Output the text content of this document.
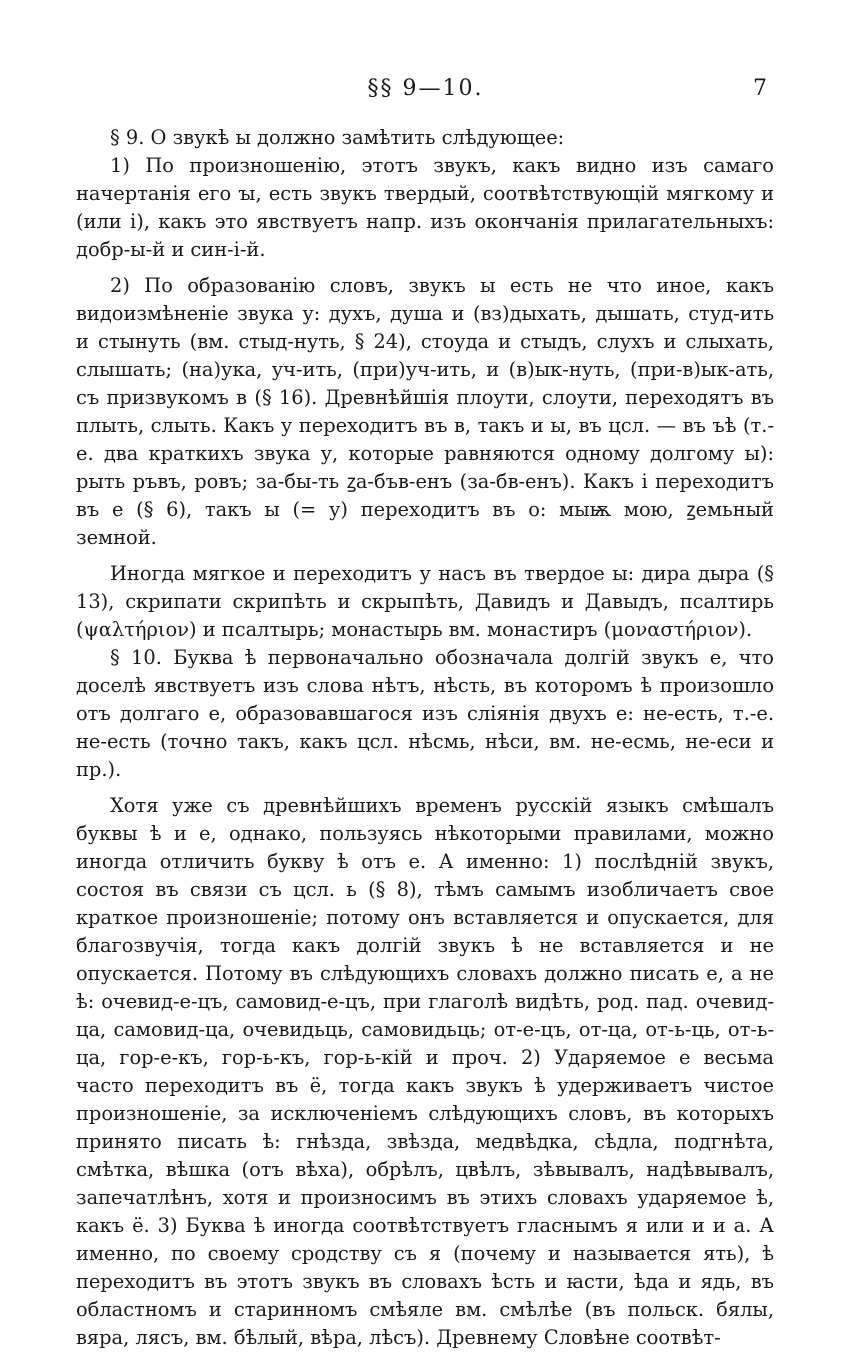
§§ 9—10.	7

§ 9. О звукѣ ы должно замѣтить слѣдующее:

1) По произношенію, этотъ звукъ, какъ видно изъ самаго начертанія его ꙑ, есть звукъ твердый, соотвѣтствующій мягкому и (или і), какъ это явствуетъ напр. изъ окончанія прилагательныхъ: добр-ы-й и син-і-й.

2) По образованію словъ, звукъ ы есть не что иное, какъ видоизмѣненіе звука у: духъ, душа и (вз)дыхать, дышать, студ-ить и стынуть (вм. стыд-нуть, § 24), стоуда и стыдъ, слухъ и слыхать, слышать; (на)ука, уч-ить, (при)уч-ить, и (в)ык-нуть, (при-в)ык-ать, съ призвукомъ в (§ 16). Древнѣйшія плоути, слоути, переходятъ въ плыть, слыть. Какъ у переходитъ въ в, такъ и ы, въ цсл. — въ ъѣ (т.-е. два краткихъ звука у, которые равняются одному долгому ы): рыть ръвъ, ровъ; за-бы-ть ꙁа-бъв-енъ (за-бв-енъ). Какъ і переходитъ въ е (§ 6), такъ ы (= у) переходитъ въ о: мыѭ мою, ꙁемьный земной.

Иногда мягкое и переходитъ у насъ въ твердое ы: дира дыра (§ 13), скрипати скрипѣть и скрыпѣть, Давидъ и Давыдъ, псалтирь (ψαλτήριον) и псалтырь; монастырь вм. монастиръ (μοναστήριον).

§ 10. Буква ѣ первоначально обозначала долгій звукъ е, что доселѣ явствуетъ изъ слова нѣтъ, нѣсть, въ которомъ ѣ произошло отъ долгаго е, образовавшагося изъ слiянiя двухъ е: не-есть, т.-е. не-есть (точно такъ, какъ цсл. нѣсмь, нѣси, вм. не-есмь, не-еси и пр.).

Хотя уже съ древнѣйшихъ временъ русскій языкъ смѣшалъ буквы ѣ и е, однако, пользуясь нѣкоторыми правилами, можно иногда отличить букву ѣ отъ е. А именно: 1) послѣдній звукъ, состоя въ связи съ цсл. ь (§ 8), тѣмъ самымъ изобличаетъ свое краткое произношеніе; потому онъ вставляется и опускается, для благозвучія, тогда какъ долгій звукъ ѣ не вставляется и не опускается. Потому въ слѣдующихъ словахъ должно писать е, а не ѣ: очевид-е-цъ, самовид-е-цъ, при глаголѣ видѣть, род. пад. очевид-ца, самовид-ца, очевидьць, самовидьць; от-е-цъ, от-ца, от-ь-ць, от-ь-ца, гор-е-къ, гор-ь-къ, гор-ь-кій и проч. 2) Ударяемое е весьма часто переходитъ въ ё, тогда какъ звукъ ѣ удерживаетъ чистое произношеніе, за исключеніемъ слѣдующихъ словъ, въ которыхъ принято писать ѣ: гнѣзда, звѣзда, медвѣдка, сѣдла, подгнѣта, смѣтка, вѣшка (отъ вѣха), обрѣлъ, цвѣлъ, зѣвывалъ, надѣвывалъ, запечатлѣнъ, хотя и произносимъ въ этихъ словахъ ударяемое ѣ, какъ ё. 3) Буква ѣ иногда соотвѣтствуетъ гласнымъ я или и и а. А именно, по своему сродству съ я (почему и называется ять), ѣ переходитъ въ этотъ звукъ въ словахъ ѣсть и ꙗсти, ѣда и ядь, въ областномъ и старинномъ смѣяле вм. смѣлѣе (въ польск. бялы, вяра, лясъ, вм. бѣлый, вѣра, лѣсъ). Древнему Словѣне соотвѣт-
